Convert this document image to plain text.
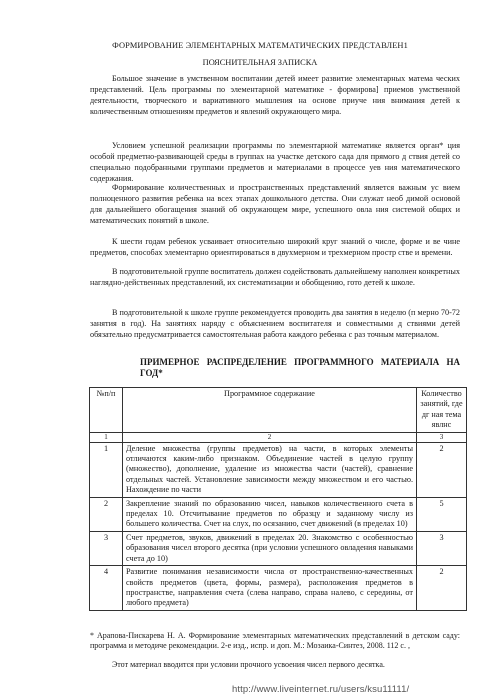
ФОРМИРОВАНИЕ ЭЛЕМЕНТАРНЫХ МАТЕМАТИЧЕСКИХ ПРЕДСТАВЛЕН1
ПОЯСНИТЕЛЬНАЯ ЗАПИСКА

Большое значение в умственном воспитании детей имеет развитие элементарных матема ческих представлений. Цель программы по элементарной математике - формирова] приемов умственной деятельности, творческого и вариативного мышления на основе приуче ния внимания детей к количественным отношениям предметов и явлений окружающего мира.

Условием успешной реализации программы по элементарной математике является орган* ция особой предметно-развивающей среды в группах на участке детского сада для прямого д ствия детей со специально подобранными группами предметов и материалами в процессе уев ния математического содержания.

Формирование количественных и пространственных представлений является важным ус вием полноценного развития ребенка на всех этапах дошкольного детства. Они служат необ димой основой для дальнейшего обогащения знаний об окружающем мире, успешного овла ния системой общих и математических понятий в школе.

К шести годам ребенок усваивает относительно широкий круг знаний о числе, форме и ве чине предметов, способах элементарно ориентироваться в двухмерном и трехмерном простр стве и времени.

В подготовительной группе воспитатель должен содействовать дальнейшему наполнен конкретных наглядно-действенных представлений, их систематизации и обобщению, гото детей к школе.

В подготовительной к школе группе рекомендуется проводить два занятия в неделю (п мерно 70-72 занятия в год). На занятиях наряду с объяснением воспитателя и совместными д ствиями детей обязательно предусматривается самостоятельная работа каждого ребенка с раз точным материалом.

ПРИМЕРНОЕ РАСПРЕДЕЛЕНИЕ ПРОГРАММНОГО МАТЕРИАЛА НА ГОД*
№п/п	Программное содержание	Количество занятий, где дг ная тема явлнс
1	2	3
1	Деление множества (группы предметов) на части, в которых элементы отличаются каким-либо признаком. Объединение частей в целую группу (множество), дополнение, удаление из множества части (частей), сравнение отдельных частей. Установление зависимости между множеством и его частью. Нахождение по части	2
2	Закрепление знаний по образованию чисел, навыков количественного счета в пределах 10. Отсчитывание предметов по образцу и заданному числу из большего количества. Счет на слух, по осязанию, счет движений (в пределах 10)	5
3	Счет предметов, звуков, движений в пределах 20. Знакомство с особенностью образования чисел второго десятка (при условии успешного овладения навыками счета до 10)	3
4	Развитие понимания независимости числа от пространственно-качественных свойств предметов (цвета, формы, размера), расположения предметов в пространстве, направления счета (слева направо, справа налево, с середины, от любого предмета)	2
* Арапова-Пискарева Н. А. Формирование элементарных математических представлений в детском саду: программа и методиче рекомендации. 2-е изд., испр. и доп. М.: Мозаика-Синтез, 2008. 112 с. ,
Этот материал вводится при условии прочного усвоения чисел первого десятка.
http://www.liveinternet.ru/users/ksu11111/
